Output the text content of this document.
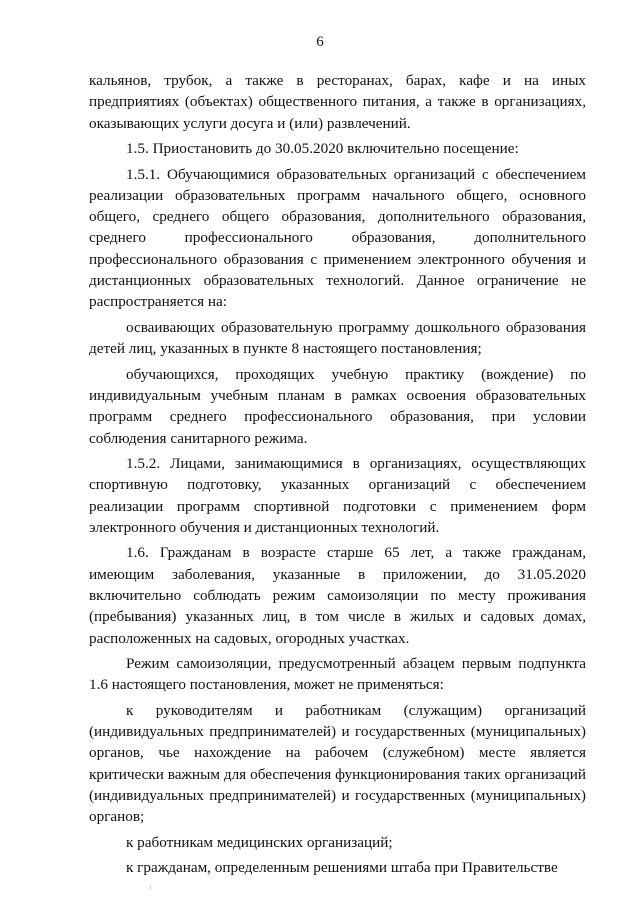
6

кальянов, трубок, а также в ресторанах, барах, кафе и на иных предприятиях (объектах) общественного питания, а также в организациях, оказывающих услуги досуга и (или) развлечений.

1.5. Приостановить до 30.05.2020 включительно посещение:

1.5.1. Обучающимися образовательных организаций с обеспечением реализации образовательных программ начального общего, основного общего, среднего общего образования, дополнительного образования, среднего профессионального образования, дополнительного профессионального образования с применением электронного обучения и дистанционных образовательных технологий. Данное ограничение не распространяется на:

осваивающих образовательную программу дошкольного образования детей лиц, указанных в пункте 8 настоящего постановления;

обучающихся, проходящих учебную практику (вождение) по индивидуальным учебным планам в рамках освоения образовательных программ среднего профессионального образования, при условии соблюдения санитарного режима.

1.5.2. Лицами, занимающимися в организациях, осуществляющих спортивную подготовку, указанных организаций с обеспечением реализации программ спортивной подготовки с применением форм электронного обучения и дистанционных технологий.

1.6. Гражданам в возрасте старше 65 лет, а также гражданам, имеющим заболевания, указанные в приложении, до 31.05.2020 включительно соблюдать режим самоизоляции по месту проживания (пребывания) указанных лиц, в том числе в жилых и садовых домах, расположенных на садовых, огородных участках.

Режим самоизоляции, предусмотренный абзацем первым подпункта 1.6 настоящего постановления, может не применяться:

к руководителям и работникам (служащим) организаций (индивидуальных предпринимателей) и государственных (муниципальных) органов, чье нахождение на рабочем (служебном) месте является критически важным для обеспечения функционирования таких организаций (индивидуальных предпринимателей) и государственных (муниципальных) органов;

к работникам медицинских организаций;

к гражданам, определенным решениями штаба при Правительстве
